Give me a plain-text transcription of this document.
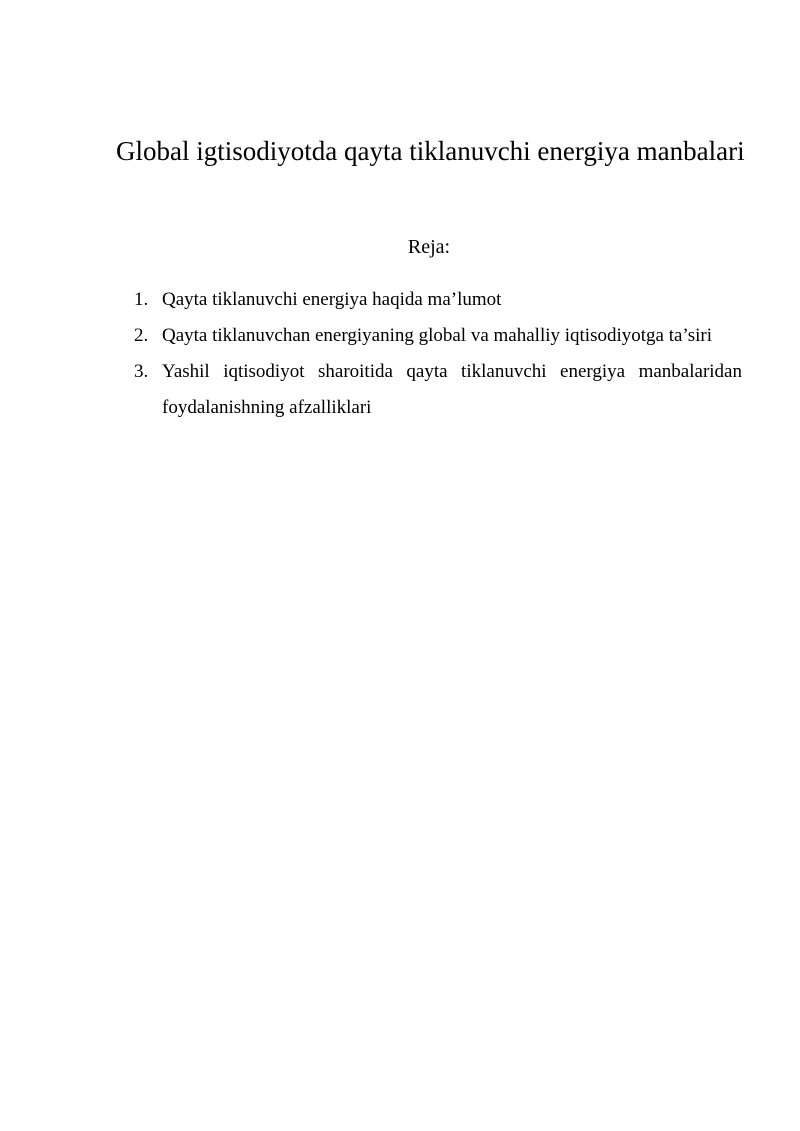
Global igtisodiyotda qayta tiklanuvchi energiya manbalari
Reja:
1. Qayta tiklanuvchi energiya haqida ma’lumot
2. Qayta tiklanuvchan energiyaning global va mahalliy iqtisodiyotga ta’siri
3. Yashil iqtisodiyot sharoitida qayta tiklanuvchi energiya manbalaridan foydalanishning afzalliklari
